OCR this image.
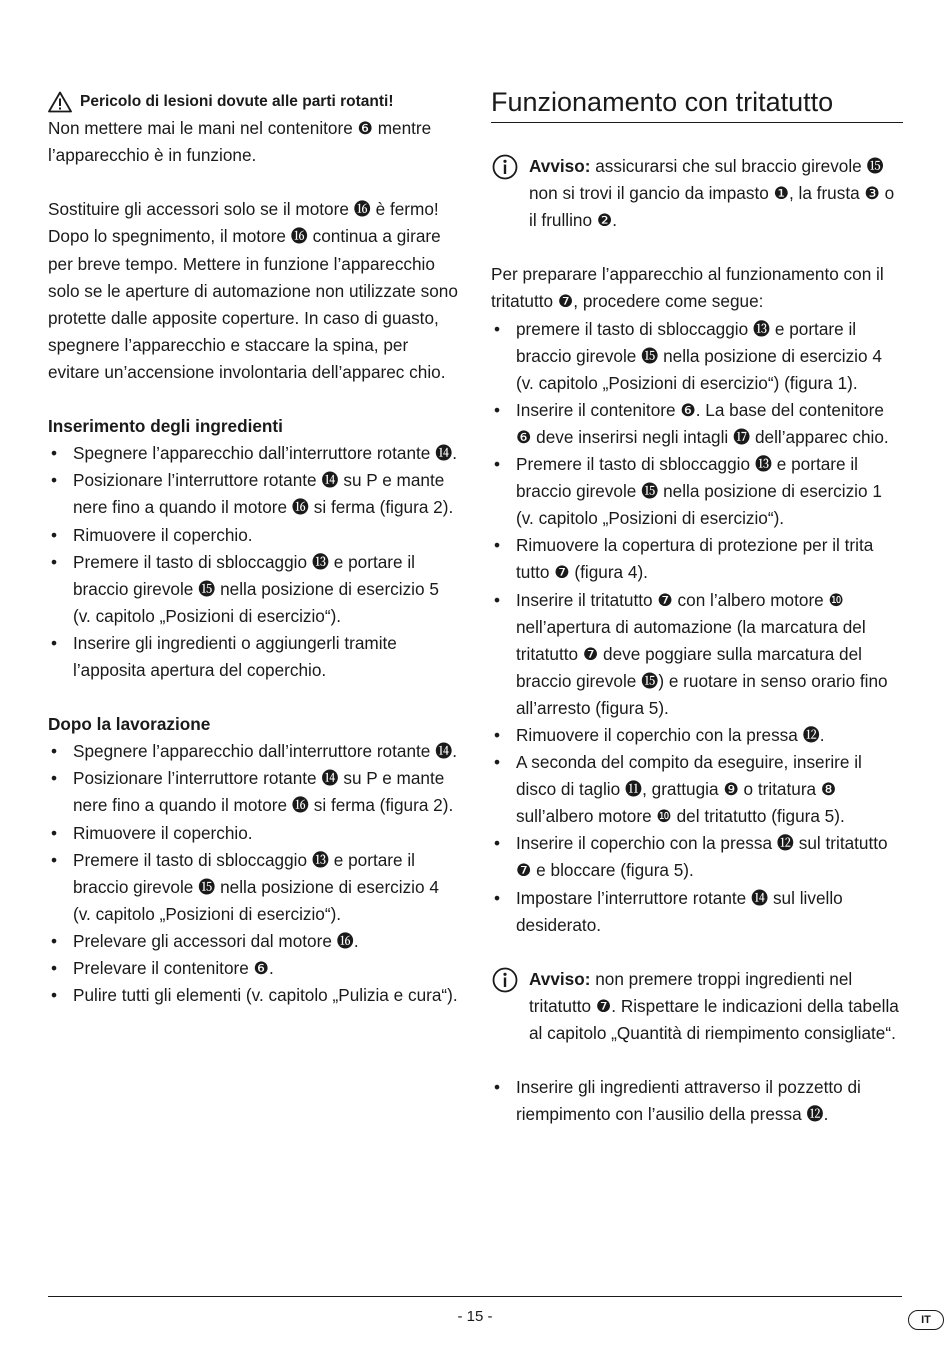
Pericolo di lesioni dovute alle parti rotanti!

Non mettere mai le mani nel contenitore ❻ mentre l’apparecchio è in funzione.

Sostituire gli accessori solo se il motore ⓰ è fermo! Dopo lo spegnimento, il motore ⓰ continua a girare per breve tempo. Mettere in funzione l’apparecchio solo se le aperture di automazione non utilizzate sono protette dalle apposite coperture. In caso di guasto, spegnere l’apparecchio e staccare la spina, per evitare un’accensione involontaria dell’apparec chio.

Inserimento degli ingredienti

• Spegnere l’apparecchio dall’interruttore rotante ⓮.
• Posizionare l’interruttore rotante ⓮ su P e mante nere fino a quando il motore ⓰ si ferma (figura 2).
• Rimuovere il coperchio.
• Premere il tasto di sbloccaggio ⓭ e portare il braccio girevole ⓯ nella posizione di esercizio 5 (v. capitolo „Posizioni di esercizio“).
• Inserire gli ingredienti o aggiungerli tramite l’apposita apertura del coperchio.

Dopo la lavorazione

• Spegnere l’apparecchio dall’interruttore rotante ⓮.
• Posizionare l’interruttore rotante ⓮ su P e mante nere fino a quando il motore ⓰ si ferma (figura 2).
• Rimuovere il coperchio.
• Premere il tasto di sbloccaggio ⓭ e portare il braccio girevole ⓯ nella posizione di esercizio 4 (v. capitolo „Posizioni di esercizio“).
• Prelevare gli accessori dal motore ⓰.
• Prelevare il contenitore ❻.
• Pulire tutti gli elementi (v. capitolo „Pulizia e cura“).
Funzionamento con tritatutto

Avviso: assicurarsi che sul braccio girevole ⓯ non si trovi il gancio da impasto ❶, la frusta ❸ o il frullino ❷.

Per preparare l’apparecchio al funzionamento con il tritatutto ❼, procedere come segue:

• premere il tasto di sbloccaggio ⓭ e portare il braccio girevole ⓯ nella posizione di esercizio 4
(v. capitolo „Posizioni di esercizio“) (figura 1).
• Inserire il contenitore ❻. La base del contenitore ❻ deve inserirsi negli intagli ⓱ dell’apparec chio.
• Premere il tasto di sbloccaggio ⓭ e portare il braccio girevole ⓯ nella posizione di esercizio 1 (v. capitolo „Posizioni di esercizio“).
• Rimuovere la copertura di protezione per il trita tutto ❼ (figura 4).
• Inserire il tritatutto ❼ con l’albero motore ❿ nell’apertura di automazione (la marcatura del tritatutto ❼ deve poggiare sulla marcatura del braccio girevole ⓯) e ruotare in senso orario fino all’arresto (figura 5).
• Rimuovere il coperchio con la pressa ⓬.
• A seconda del compito da eseguire, inserire il disco di taglio ⓫, grattugia ❾ o tritatura ❽ sull’albero motore ❿ del tritatutto (figura 5).
• Inserire il coperchio con la pressa ⓬ sul tritatutto ❼ e bloccare (figura 5).
• Impostare l’interruttore rotante ⓮ sul livello desiderato.

Avviso: non premere troppi ingredienti nel tritatutto ❼. Rispettare le indicazioni della tabella al capitolo „Quantità di riempimento consigliate“.

• Inserire gli ingredienti attraverso il pozzetto di riempimento con l’ausilio della pressa ⓬.
- 15 -	IT
